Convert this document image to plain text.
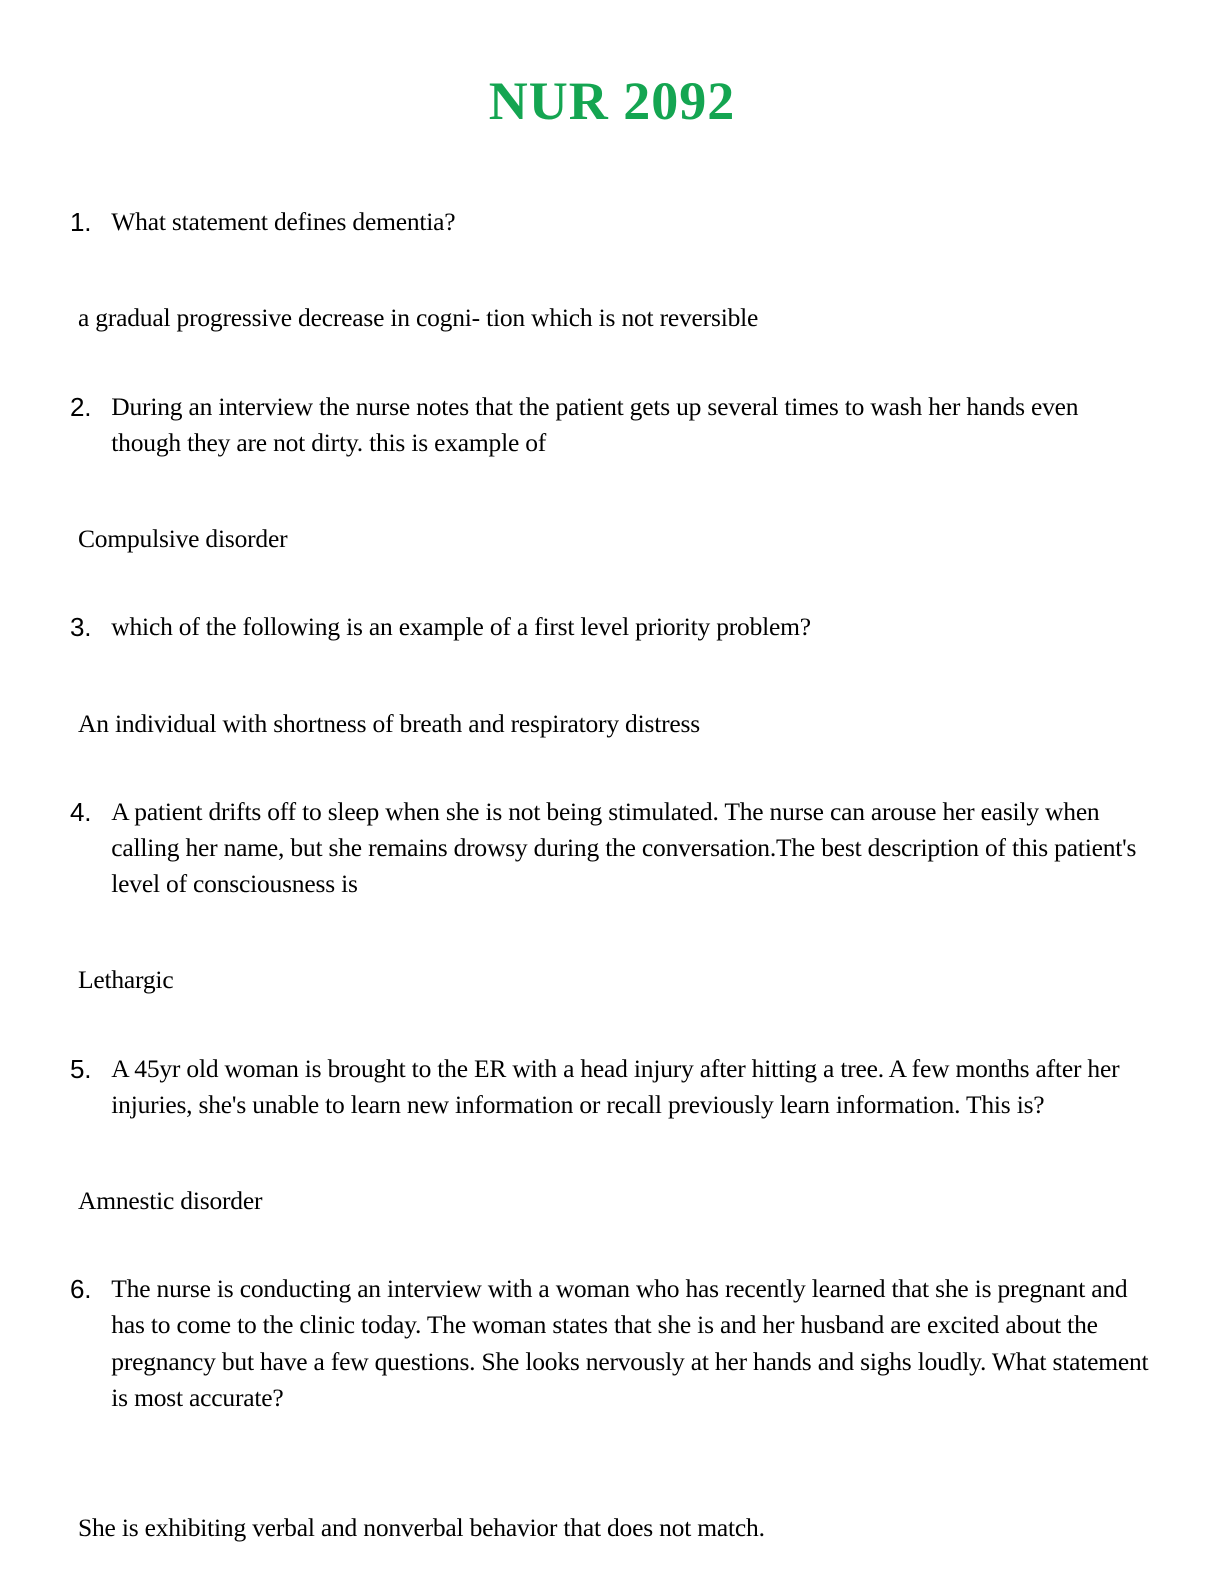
NUR 2092
1. What statement defines dementia?
a gradual progressive decrease in cogni- tion which is not reversible
2. During an interview the nurse notes that the patient gets up several times to wash her hands even though they are not dirty. this is example of
Compulsive disorder
3. which of the following is an example of a first level priority problem?
An individual with shortness of breath and respiratory distress
4. A patient drifts off to sleep when she is not being stimulated. The nurse can arouse her easily when calling her name, but she remains drowsy during the conversation.The best description of this patient's level of consciousness is
Lethargic
5. A 45yr old woman is brought to the ER with a head injury after hitting a tree. A few months after her injuries, she's unable to learn new information or recall previously learn information. This is?
Amnestic disorder
6. The nurse is conducting an interview with a woman who has recently learned that she is pregnant and has to come to the clinic today. The woman states that she is and her husband are excited about the pregnancy but have a few questions. She looks nervously at her hands and sighs loudly. What statement is most accurate?
She is exhibiting verbal and nonverbal behavior that does not match.
